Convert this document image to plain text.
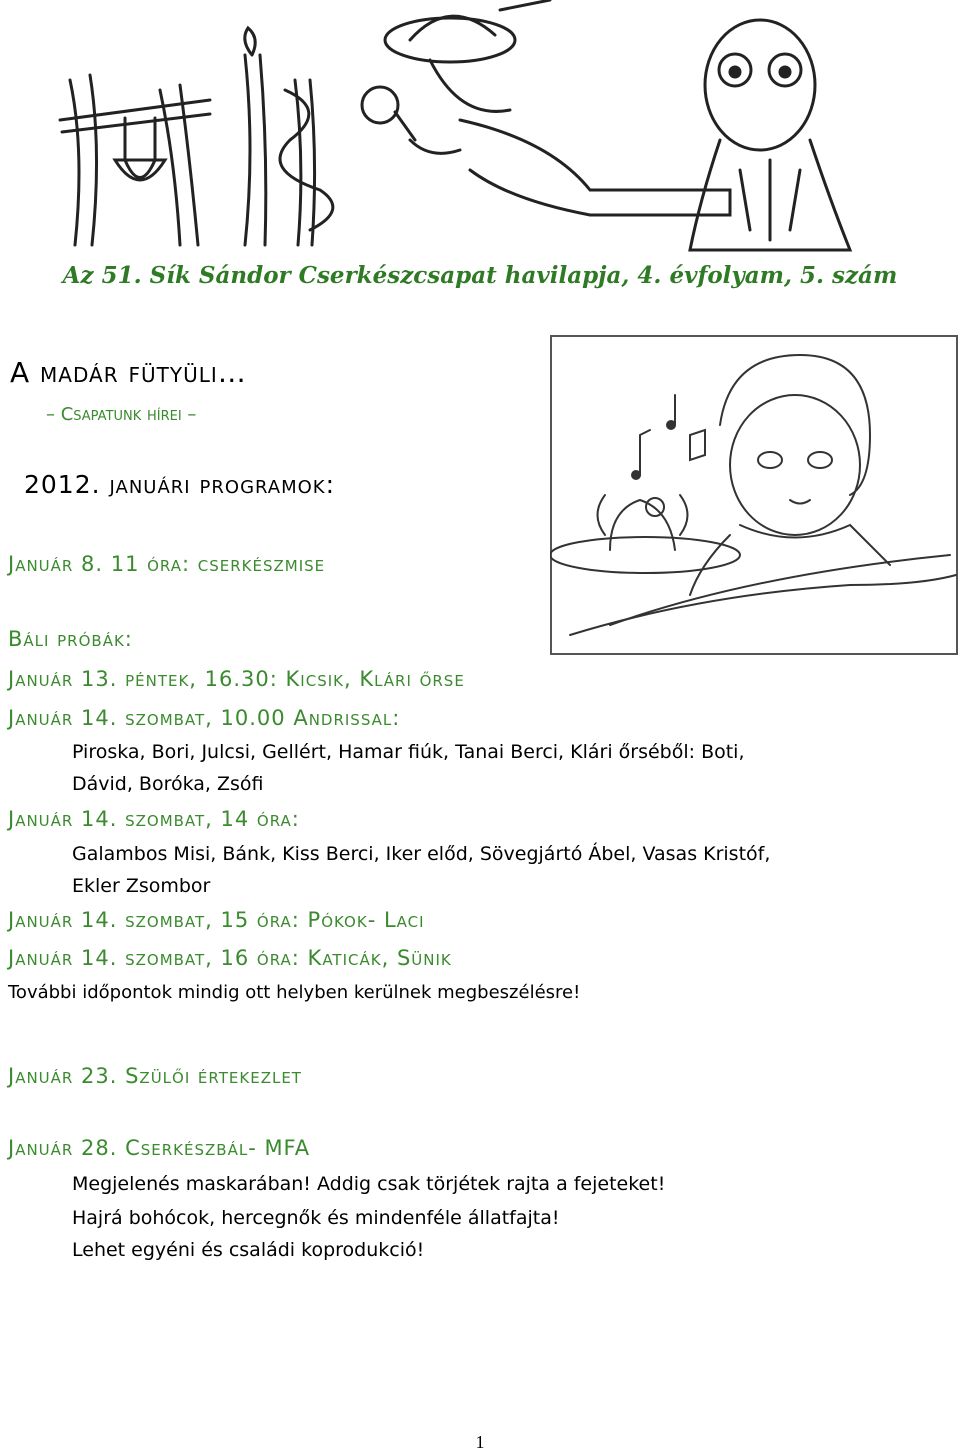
Az 51. Sík Sándor Cserkészcsapat havilapja, 4. évfolyam, 5. szám
A madár fütyüli…
– Csapatunk hírei –
2012. januári programok:
Január 8. 11 óra: cserkészmise
Báli próbák:
Január 13. péntek, 16.30: Kicsik, Klári őrse
Január 14. szombat, 10.00 Andrissal:
Piroska, Bori, Julcsi, Gellért, Hamar fiúk, Tanai Berci, Klári őrséből: Boti,
Dávid, Boróka, Zsófi
Január 14. szombat, 14 óra:
Galambos Misi, Bánk, Kiss Berci, Iker előd, Sövegjártó Ábel, Vasas Kristóf,
Ekler Zsombor
Január 14. szombat, 15 óra: Pókok- Laci
Január 14. szombat, 16 óra: Katicák, Sünik
További időpontok mindig ott helyben kerülnek megbeszélésre!
Január 23. Szülői értekezlet
Január 28. Cserkészbál- MFA
Megjelenés maskarában! Addig csak törjétek rajta a fejeteket!
Hajrá bohócok, hercegnők és mindenféle állatfajta!
Lehet egyéni és családi koprodukció!
1
